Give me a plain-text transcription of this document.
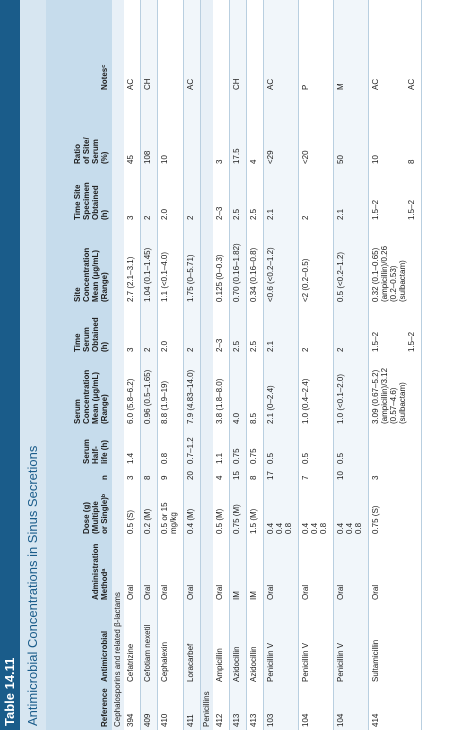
Table 14.11 Antimicrobial Concentrations in Sinus Secretions	Reference
Antimicrobial
Administration
Methodᵃ
Dose (g)
(Multiple
or Single)ᵇ
n
Serum
Half-
life (h)
Serum
Concentration
Mean (μg/mL)
(Range)
Time
Serum
Obtained
(h)
Site
Concentration
Mean (μg/mL)
(Range)
Time Site
Specimen
Obtained
(h)
Ratio
of Site/
Serum
(%)
Notesᶜ
Cephalosporins and related β-lactams 394
Cefatrizine
Oral
0.5 (S)
3
1.4
6.0 (5.8–6.2)
3
2.7 (2.1–3.1)
3
45
AC
409
Cefotiam nexetil
Oral
0.2 (M)
8
0.96 (0.5–1.65)
2
1.04 (0.1–1.45)
2
108
CH
410
Cephalexin
Oral
0.5 or 15
mg/kg
9
0.8
8.8 (1.9–19)
2.0
1.1 (<0.1–4.0)
2.0
10
411
Loracarbef
Oral
0.4 (M)
20
0.7–1.2
7.9 (4.83–14.0)
2
1.75 (0–5.71)
2
AC
Penicillins 412
Ampicillin
Oral
0.5 (M)
4
1.1
3.8 (1.8–8.0)
2–3
0.125 (0–0.3)
2–3
3
413
Azidocillin
IM
0.75 (M)
15
0.75
4.0
2.5
0.70 (0.16–1.82)
2.5
17.5
CH
413
Azidocillin
IM
1.5 (M)
8
0.75
8.5
2.5
0.34 (0.16–0.8)
2.5
4
103
Penicillin V
Oral
0.4
0.4
0.8
17
0.5
2.1 (0–2.4)
2.1
<0.6 (<0.2–1.2)
2.1
<29
AC
104
Penicillin V
Oral
0.4
0.4
0.8
7
0.5
1.0 (0.4–2.4)
2
<2 (0.2–0.5)
2
<20
P
104
Penicillin V
Oral
0.4
0.4
0.8
10
0.5
1.0 (<0.1–2.0)
2
0.5 (<0.2–1.2)
2.1
50
M
414
Sultamicillin
Oral
0.75 (S)
3
3.09 (0.67–5.2)
(ampicillin)/3.12
(0.57–4.6)
(sulbactam)
1.5–2

1.5–2
0.32 (0.1–0.65)
(ampicillin)/0.26
(0.2–0.53)
(sulbactam)
1.5–2

1.5–2
10

8
AC

AC
